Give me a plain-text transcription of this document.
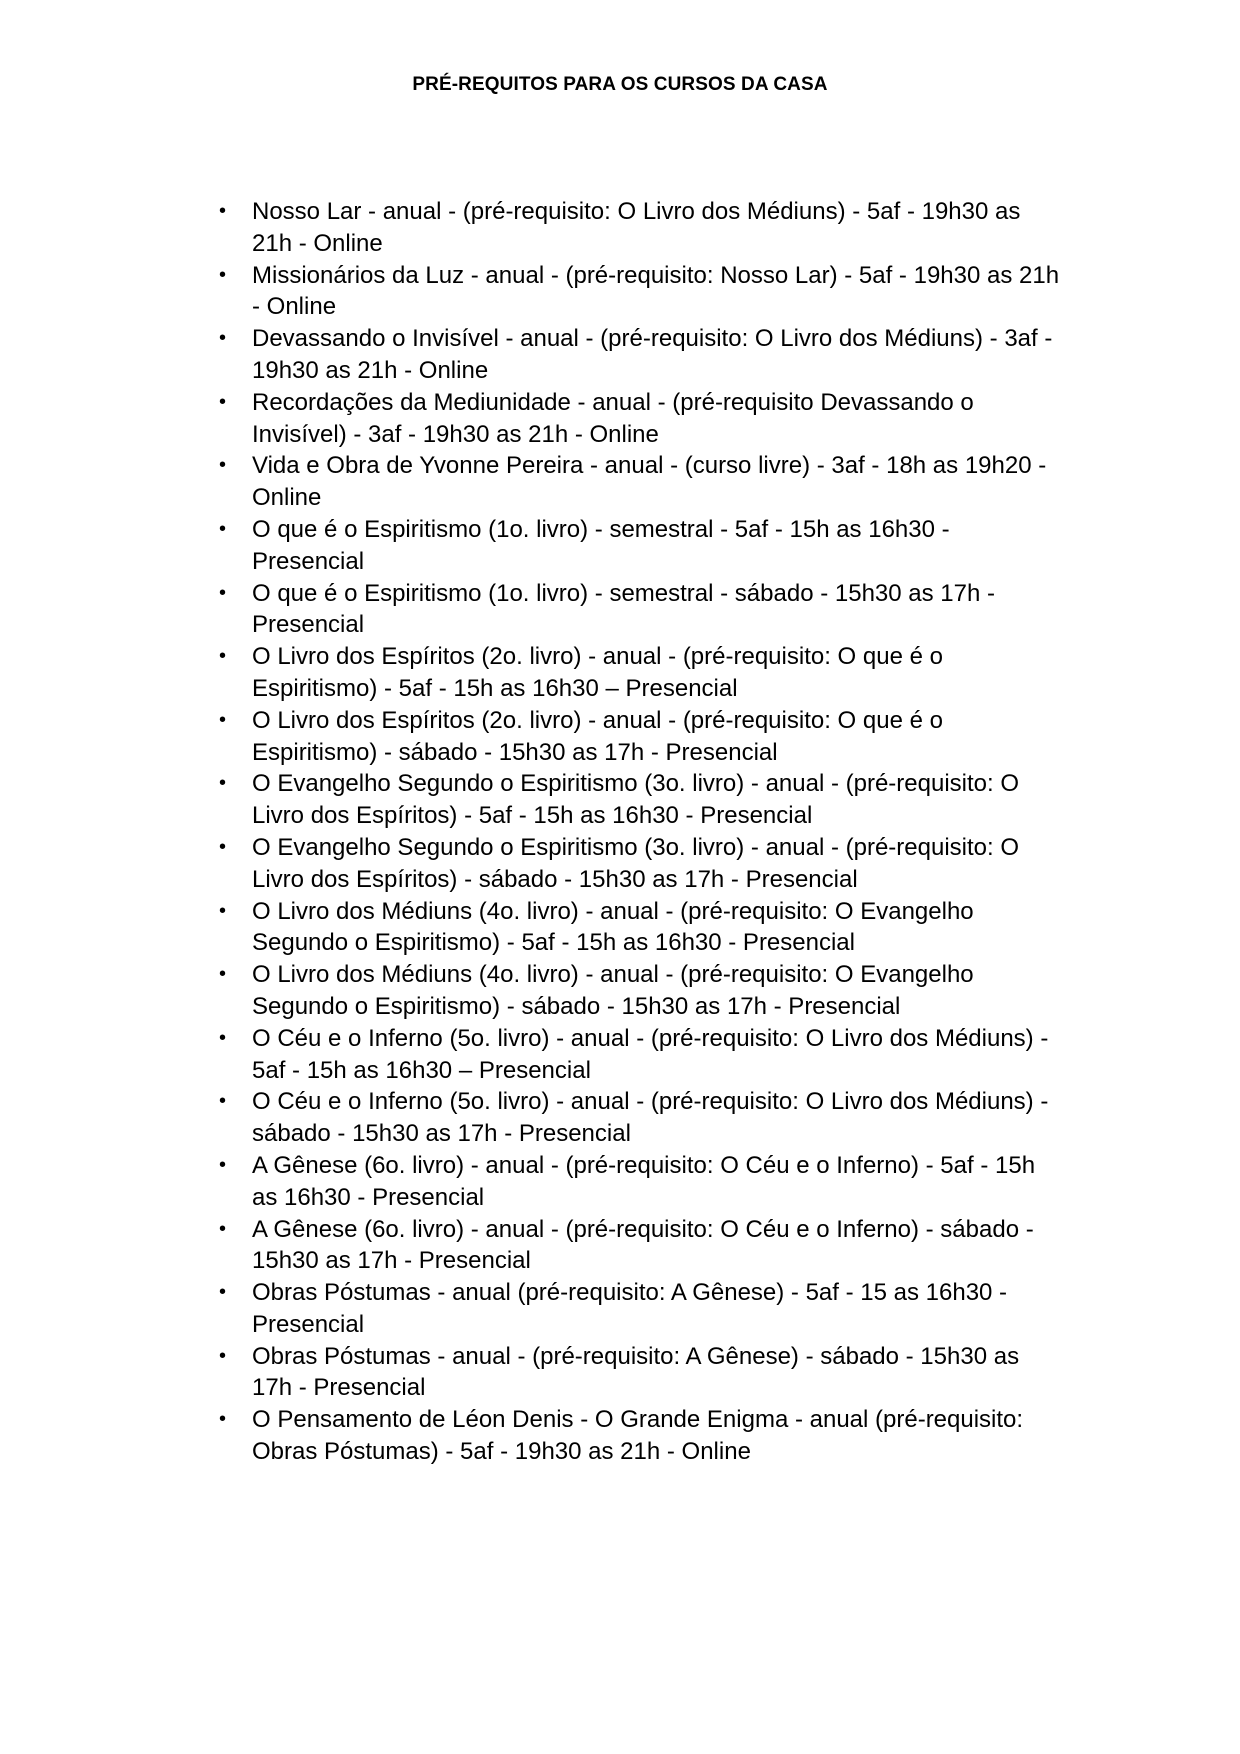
PRÉ-REQUITOS PARA OS CURSOS DA CASA
• Nosso Lar - anual - (pré-requisito: O Livro dos Médiuns) - 5af - 19h30 as 21h - Online
• Missionários da Luz - anual - (pré-requisito: Nosso Lar) - 5af - 19h30 as 21h - Online
• Devassando o Invisível - anual - (pré-requisito: O Livro dos Médiuns) - 3af - 19h30 as 21h - Online
• Recordações da Mediunidade - anual - (pré-requisito Devassando o Invisível) - 3af - 19h30 as 21h - Online
• Vida e Obra de Yvonne Pereira - anual - (curso livre) - 3af - 18h as 19h20 - Online
• O que é o Espiritismo (1o. livro) - semestral - 5af - 15h as 16h30 - Presencial
• O que é o Espiritismo (1o. livro) - semestral - sábado - 15h30 as 17h - Presencial
• O Livro dos Espíritos (2o. livro) - anual - (pré-requisito: O que é o Espiritismo) - 5af - 15h as 16h30 – Presencial
• O Livro dos Espíritos (2o. livro) - anual - (pré-requisito: O que é o Espiritismo) - sábado - 15h30 as 17h - Presencial
• O Evangelho Segundo o Espiritismo (3o. livro) - anual - (pré-requisito: O Livro dos Espíritos) - 5af - 15h as 16h30 - Presencial
• O Evangelho Segundo o Espiritismo (3o. livro) - anual - (pré-requisito: O Livro dos Espíritos) - sábado - 15h30 as 17h - Presencial
• O Livro dos Médiuns (4o. livro) - anual - (pré-requisito: O Evangelho Segundo o Espiritismo) - 5af - 15h as 16h30 - Presencial
• O Livro dos Médiuns (4o. livro) - anual - (pré-requisito: O Evangelho Segundo o Espiritismo) - sábado - 15h30 as 17h - Presencial
• O Céu e o Inferno (5o. livro) - anual - (pré-requisito: O Livro dos Médiuns) - 5af - 15h as 16h30 – Presencial
• O Céu e o Inferno (5o. livro) - anual - (pré-requisito: O Livro dos Médiuns) - sábado - 15h30 as 17h - Presencial
• A Gênese (6o. livro) - anual - (pré-requisito: O Céu e o Inferno) - 5af - 15h as 16h30 - Presencial
• A Gênese (6o. livro) - anual - (pré-requisito: O Céu e o Inferno) - sábado - 15h30 as 17h - Presencial
• Obras Póstumas - anual (pré-requisito: A Gênese) - 5af - 15 as 16h30 - Presencial
• Obras Póstumas - anual - (pré-requisito: A Gênese) - sábado - 15h30 as 17h - Presencial
• O Pensamento de Léon Denis - O Grande Enigma - anual (pré-requisito: Obras Póstumas) - 5af - 19h30 as 21h - Online
